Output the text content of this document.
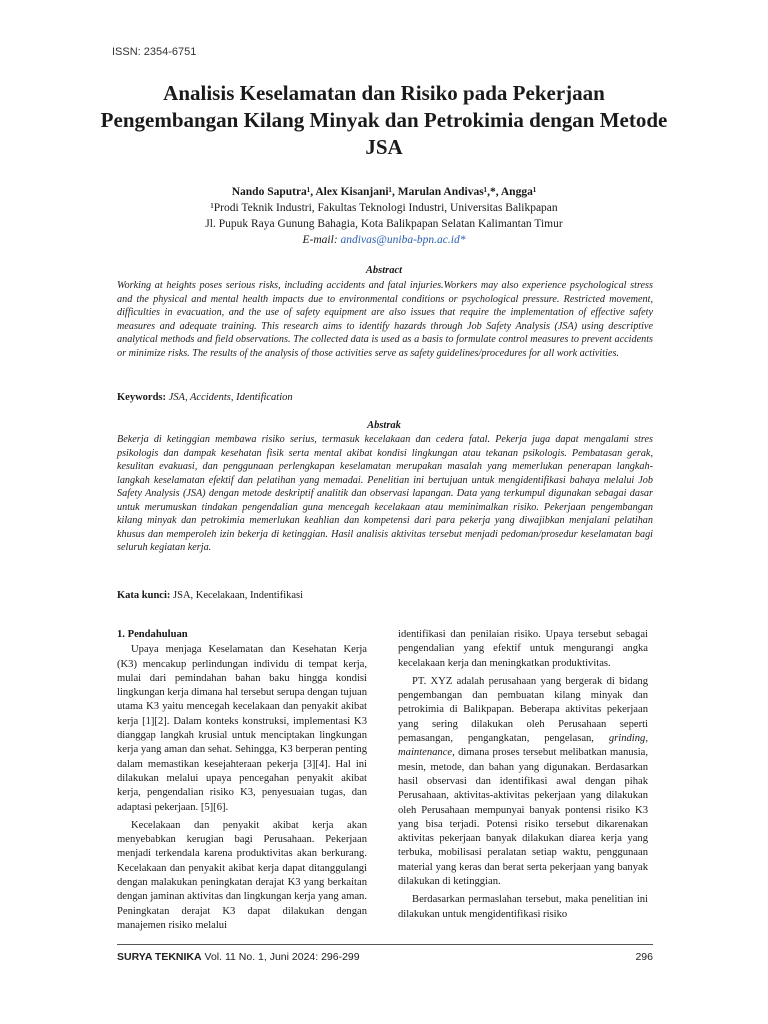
ISSN: 2354-6751
Analisis Keselamatan dan Risiko pada Pekerjaan Pengembangan Kilang Minyak dan Petrokimia dengan Metode JSA
Nando Saputra¹, Alex Kisanjani¹, Marulan Andivas¹,*, Angga¹
¹Prodi Teknik Industri, Fakultas Teknologi Industri, Universitas Balikpapan
Jl. Pupuk Raya Gunung Bahagia, Kota Balikpapan Selatan Kalimantan Timur
E-mail: andivas@uniba-bpn.ac.id*
Abstract
Working at heights poses serious risks, including accidents and fatal injuries.Workers may also experience psychological stress and the physical and mental health impacts due to environmental conditions or psychological pressure. Restricted movement, difficulties in evacuation, and the use of safety equipment are also issues that require the implementation of effective safety measures and adequate training. This research aims to identify hazards through Job Safety Analysis (JSA) using descriptive analytical methods and field observations. The collected data is used as a basis to formulate control measures to prevent accidents or minimize risks. The results of the analysis of those activities serve as safety guidelines/procedures for all work activities.
Keywords: JSA, Accidents, Identification
Abstrak
Bekerja di ketinggian membawa risiko serius, termasuk kecelakaan dan cedera fatal. Pekerja juga dapat mengalami stres psikologis dan dampak kesehatan fisik serta mental akibat kondisi lingkungan atau tekanan psikologis. Pembatasan gerak, kesulitan evakuasi, dan penggunaan perlengkapan keselamatan merupakan masalah yang memerlukan penerapan langkah-langkah keselamatan efektif dan pelatihan yang memadai. Penelitian ini bertujuan untuk mengidentifikasi bahaya melalui Job Safety Analysis (JSA) dengan metode deskriptif analitik dan observasi lapangan. Data yang terkumpul digunakan sebagai dasar untuk merumuskan tindakan pengendalian guna mencegah kecelakaan atau meminimalkan risiko. Pekerjaan pengembangan kilang minyak dan petrokimia memerlukan keahlian dan kompetensi dari para pekerja yang diwajibkan menjalani pelatihan khusus dan memperoleh izin bekerja di ketinggian. Hasil analisis aktivitas tersebut menjadi pedoman/prosedur keselamatan bagi seluruh kegiatan kerja.
Kata kunci: JSA, Kecelakaan, Indentifikasi
1. Pendahuluan

Upaya menjaga Keselamatan dan Kesehatan Kerja (K3) mencakup perlindungan individu di tempat kerja, mulai dari pemindahan bahan baku hingga kondisi lingkungan kerja dimana hal tersebut serupa dengan tujuan utama K3 yaitu mencegah kecelakaan dan penyakit akibat kerja [1][2]. Dalam konteks konstruksi, implementasi K3 dianggap langkah krusial untuk menciptakan lingkungan kerja yang aman dan sehat. Sehingga, K3 berperan penting dalam memastikan kesejahteraan pekerja [3][4]. Hal ini dilakukan melalui upaya pencegahan penyakit akibat kerja, pengendalian risiko K3, penyesuaian tugas, dan adaptasi pekerjaan. [5][6].

Kecelakaan dan penyakit akibat kerja akan menyebabkan kerugian bagi Perusahaan. Pekerjaan menjadi terkendala karena produktivitas akan berkurang. Kecelakaan dan penyakit akibat kerja dapat ditanggulangi dengan malakukan peningkatan derajat K3 yang berkaitan dengan jaminan aktivitas dan lingkungan kerja yang aman. Peningkatan derajat K3 dapat dilakukan dengan manajemen risiko melalui

identifikasi dan penilaian risiko. Upaya tersebut sebagai pengendalian yang efektif untuk mengurangi angka kecelakaan kerja dan meningkatkan produktivitas.

PT. XYZ adalah perusahaan yang bergerak di bidang pengembangan dan pembuatan kilang minyak dan petrokimia di Balikpapan. Beberapa aktivitas pekerjaan yang sering dilakukan oleh Perusahaan seperti pemasangan, pengangkatan, pengelasan, grinding, maintenance, dimana proses tersebut melibatkan manusia, mesin, metode, dan bahan yang digunakan. Berdasarkan hasil observasi dan identifikasi awal dengan pihak Perusahaan, aktivitas-aktivitas pekerjaan yang dilakukan oleh Perusahaan mempunyai banyak pontensi risiko K3 yang bisa terjadi. Potensi risiko tersebut dikarenakan aktivitas pekerjaan banyak dilakukan diarea kerja yang terbuka, mobilisasi peralatan setiap waktu, penggunaan material yang keras dan berat serta pekerjaan yang banyak dilakukan di ketinggian.

Berdasarkan permaslahan tersebut, maka penelitian ini dilakukan untuk mengidentifikasi risiko

SURYA TEKNIKA Vol. 11 No. 1, Juni 2024: 296-299	296
